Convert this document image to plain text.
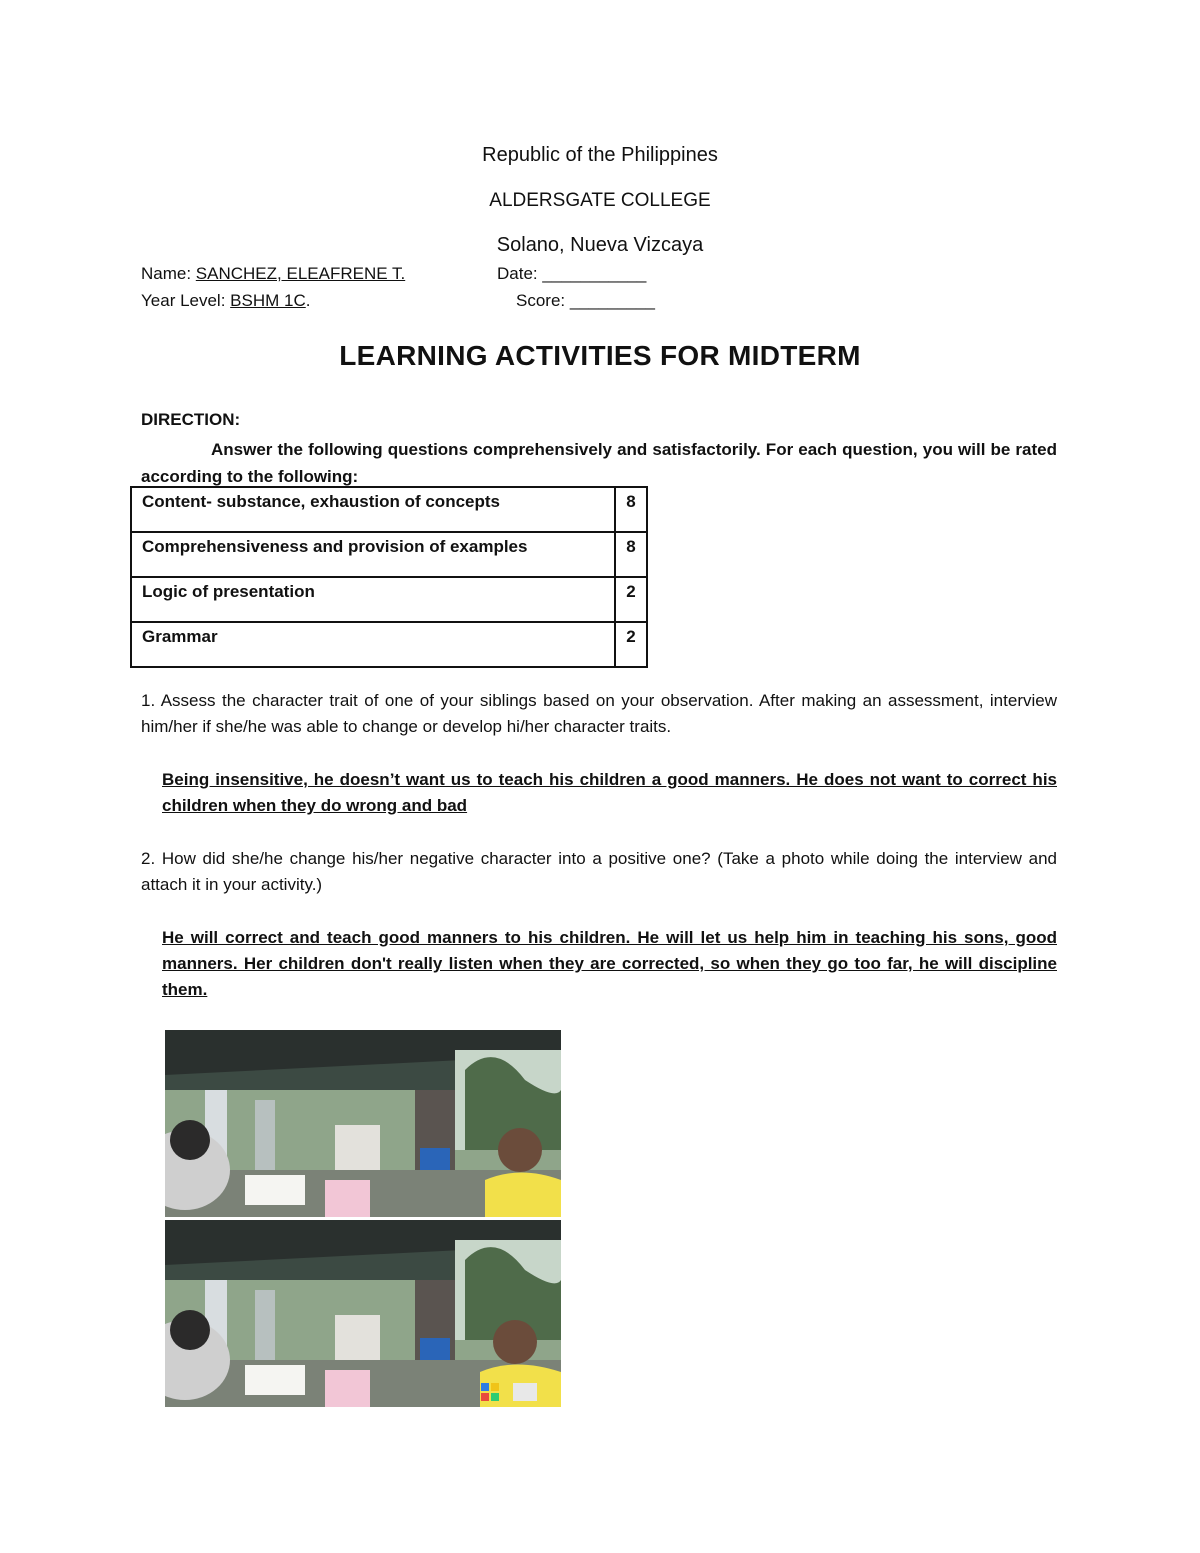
Republic of the Philippines
ALDERSGATE COLLEGE
Solano, Nueva Vizcaya
Name: SANCHEZ, ELEAFRENE T.	Date: ___________
Year Level: BSHM 1C.	Score: _________
LEARNING ACTIVITIES FOR MIDTERM
DIRECTION:
Answer the following questions comprehensively and satisfactorily. For each question, you will be rated according to the following:
Content- substance, exhaustion of concepts	8
Comprehensiveness and provision of examples	8
Logic of presentation	2
Grammar	2
1. Assess the character trait of one of your siblings based on your observation. After making an assessment, interview him/her if she/he was able to change or develop hi/her character traits.
Being insensitive, he doesn’t want us to teach his children a good manners. He does not want to correct his children when they do wrong and bad
2. How did she/he change his/her negative character into a positive one? (Take a photo while doing the interview and attach it in your activity.)
He will correct and teach good manners to his children. He will let us help him in teaching his sons, good manners. Her children don't really listen when they are corrected, so when they go too far, he will discipline them.
